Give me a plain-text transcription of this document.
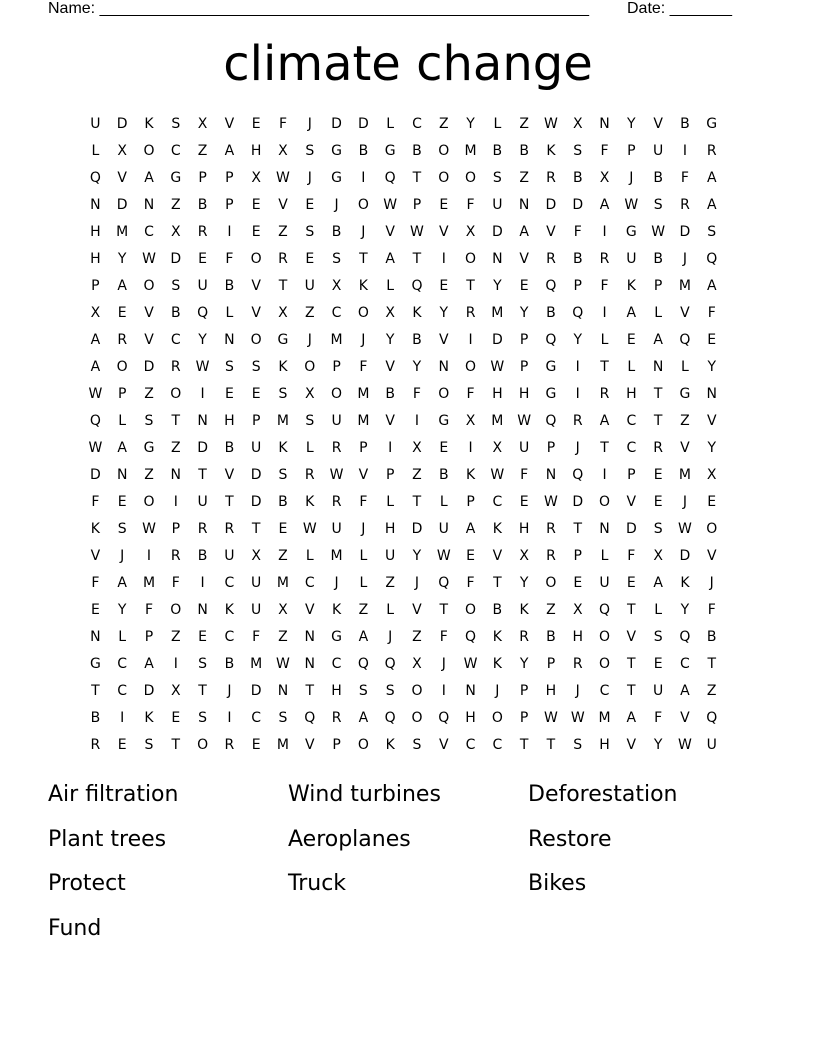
Name: _______________________________________________________ Date: _______
climate change
U	D	K	S	X	V	E	F	J	D	D	L	C	Z	Y	L	Z	W	X	N	Y	V	B	G
L	X	O	C	Z	A	H	X	S	G	B	G	B	O	M	B	B	K	S	F	P	U	I	R
Q	V	A	G	P	P	X	W	J	G	I	Q	T	O	O	S	Z	R	B	X	J	B	F	A
N	D	N	Z	B	P	E	V	E	J	O	W	P	E	F	U	N	D	D	A	W	S	R	A
H	M	C	X	R	I	E	Z	S	B	J	V	W	V	X	D	A	V	F	I	G	W	D	S
H	Y	W	D	E	F	O	R	E	S	T	A	T	I	O	N	V	R	B	R	U	B	J	Q
P	A	O	S	U	B	V	T	U	X	K	L	Q	E	T	Y	E	Q	P	F	K	P	M	A
X	E	V	B	Q	L	V	X	Z	C	O	X	K	Y	R	M	Y	B	Q	I	A	L	V	F
A	R	V	C	Y	N	O	G	J	M	J	Y	B	V	I	D	P	Q	Y	L	E	A	Q	E
A	O	D	R	W	S	S	K	O	P	F	V	Y	N	O	W	P	G	I	T	L	N	L	Y
W	P	Z	O	I	E	E	S	X	O	M	B	F	O	F	H	H	G	I	R	H	T	G	N
Q	L	S	T	N	H	P	M	S	U	M	V	I	G	X	M W	Q	R	A	C	T	Z	V
W	A	G	Z	D	B	U	K	L	R	P	I	X	E	I	X	U	P	J	T	C	R	V	Y
D	N	Z	N	T	V	D	S	R	W	V	P	Z	B	K	W	F	N	Q	I	P	E	M	X
F	E	O	I	U	T	D	B	K	R	F	L	T	L	P	C	E	W	D	O	V	E	J	E
K	S	W	P	R	R	T	E	W	U	J	H	D	U	A	K	H	R	T	N	D	S	W	O
V	J	I	R	B	U	X	Z	L	M	L	U	Y	W	E	V	X	R	P	L	F	X	D	V
F	A	M	F	I	C	U	M	C	J	L	Z	J	Q	F	T	Y	O	E	U	E	A	K	J
E	Y	F	O	N	K	U	X	V	K	Z	L	V	T	O	B	K	Z	X	Q	T	L	Y	F
N	L	P	Z	E	C	F	Z	N	G	A	J	Z	F	Q	K	R	B	H	O	V	S	Q	B
G	C	A	I	S	B	M W	N	C	Q	Q	X	J	W	K	Y	P	R	O	T	E	C	T
T	C	D	X	T	J	D	N	T	H	S	S	O	I	N	J	P	H	J	C	T	U	A	Z
B	I	K	E	S	I	C	S	Q	R	A	Q	O	Q	H	O	P	W W M	A	F	V	Q
R	E	S	T	O	R	E	M	V	P	O	K	S	V	C	C	T	T	S	H	V	Y	W	U
Air filtration	Wind turbines	Deforestation
Plant trees	Aeroplanes	Restore
Protect	Truck	Bikes
Fund
